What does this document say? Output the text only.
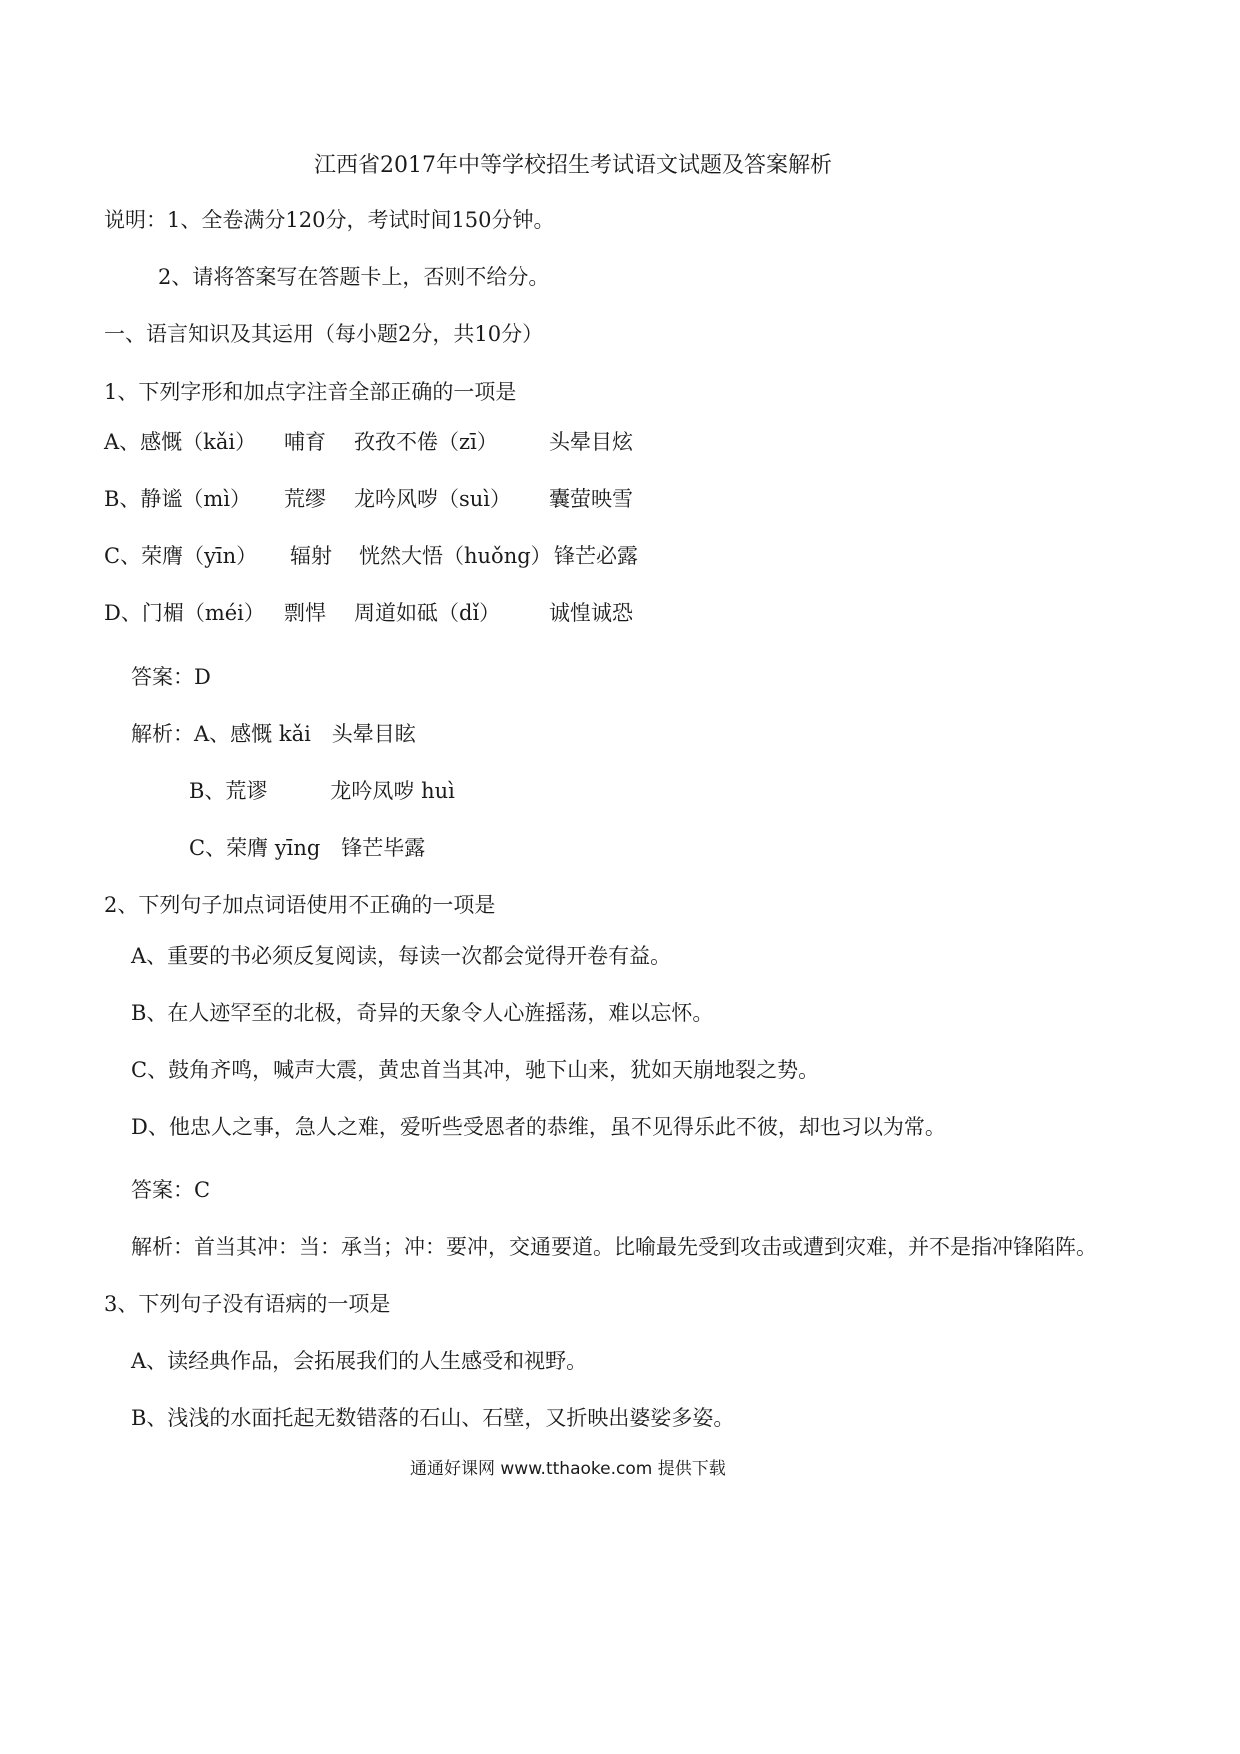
江西省2017年中等学校招生考试语文试题及答案解析
说明：1、全卷满分120分，考试时间150分钟。
2、请将答案写在答题卡上，否则不给分。
一、语言知识及其运用（每小题2分，共10分）
1、下列字形和加点字注音全部正确的一项是
A、感慨（kǎi） 哺育 孜孜不倦（zī） 头晕目炫
B、静谧（mì） 荒缪 龙吟风哕（suì） 囊萤映雪
C、荣膺（yīn） 辐射 恍然大悟（huǒng） 锋芒必露
D、门楣（méi） 剽悍 周道如砥（dǐ） 诚惶诚恐
答案：D
解析：A、感慨 kǎi　头晕目眩
B、荒谬　　　龙吟凤哕 huì
C、荣膺 yīng　锋芒毕露
2、下列句子加点词语使用不正确的一项是
A、重要的书必须反复阅读，每读一次都会觉得开卷有益。
B、在人迹罕至的北极，奇异的天象令人心旌摇荡，难以忘怀。
C、鼓角齐鸣，喊声大震，黄忠首当其冲，驰下山来，犹如天崩地裂之势。
D、他忠人之事，急人之难，爱听些受恩者的恭维，虽不见得乐此不彼，却也习以为常。
答案：C
解析：首当其冲：当：承当；冲：要冲，交通要道。比喻最先受到攻击或遭到灾难，并不是指冲锋陷阵。
3、下列句子没有语病的一项是
A、读经典作品，会拓展我们的人生感受和视野。
B、浅浅的水面托起无数错落的石山、石壁，又折映出婆娑多姿。
通通好课网 www.tthaoke.com 提供下载
